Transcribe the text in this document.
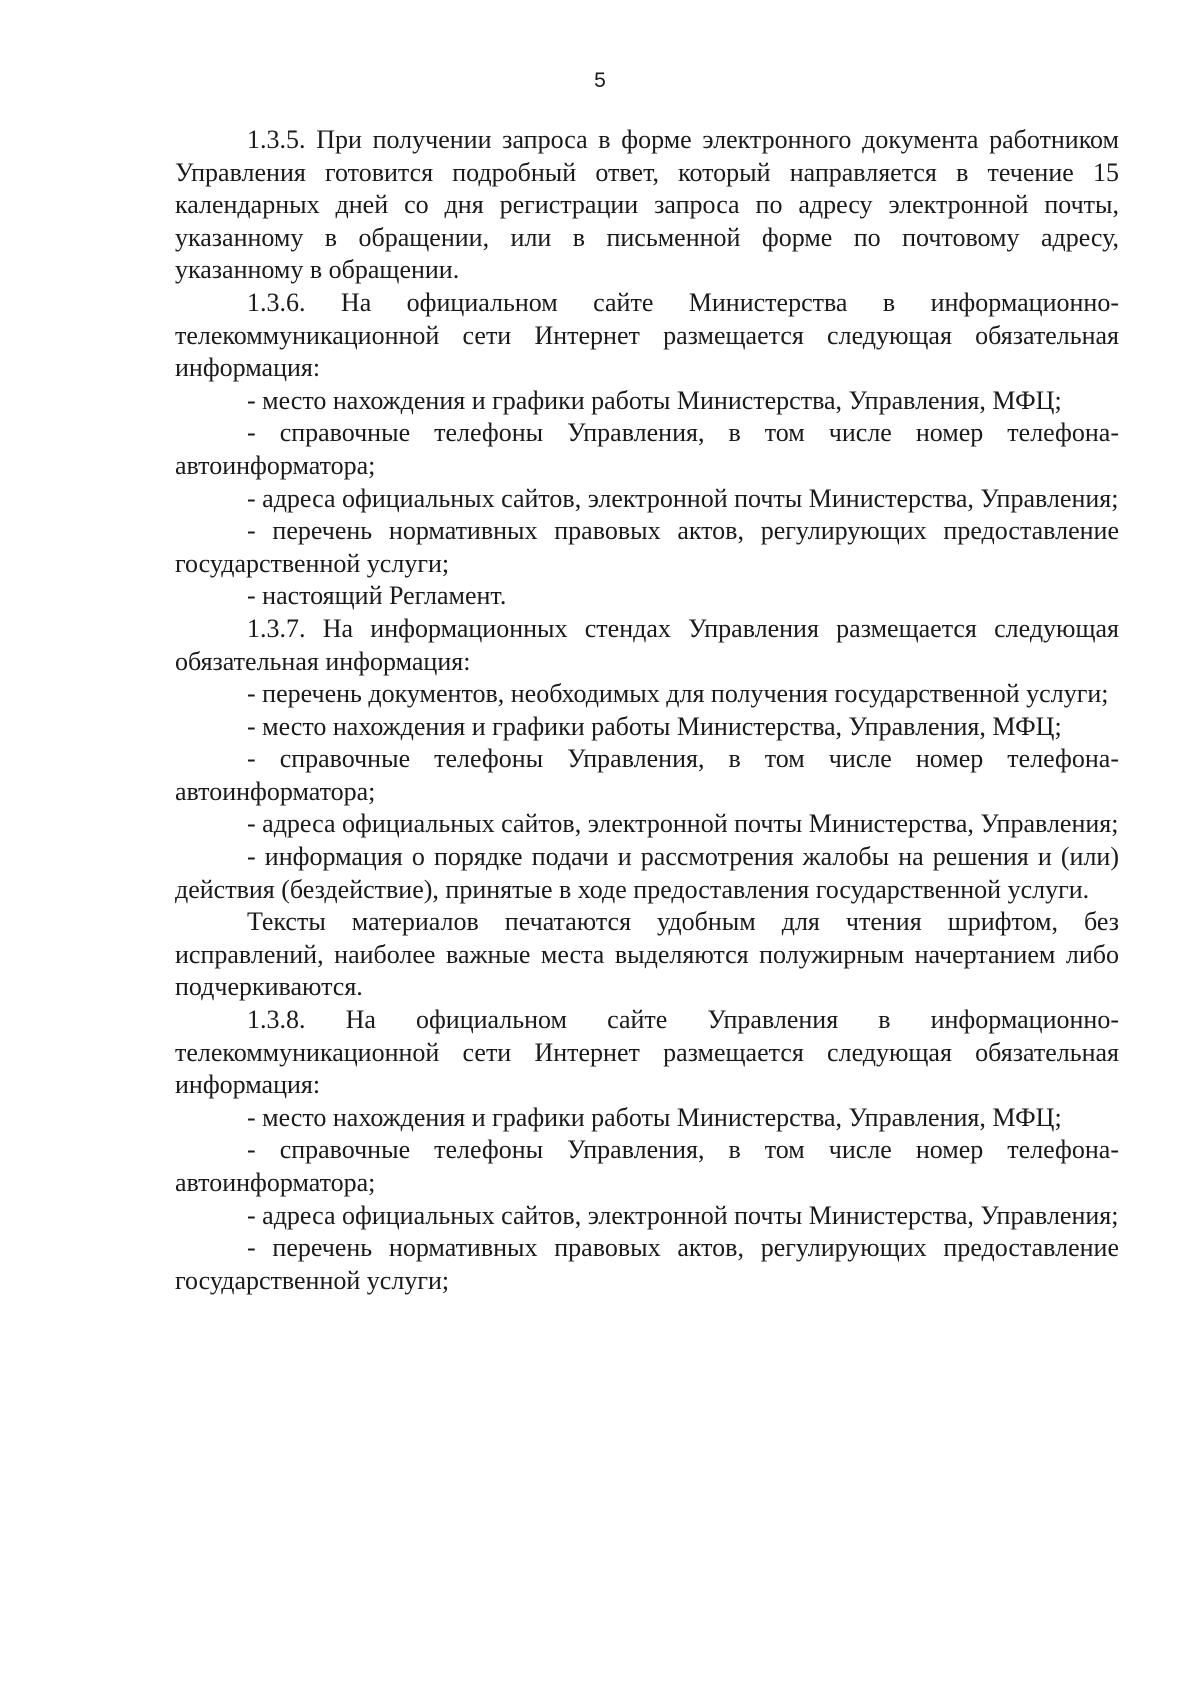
5

1.3.5. При получении запроса в форме электронного документа работником Управления готовится подробный ответ, который направляется в течение 15 календарных дней со дня регистрации запроса по адресу электронной почты, указанному в обращении, или в письменной форме по почтовому адресу, указанному в обращении.

1.3.6. На официальном сайте Министерства в информационно-телекоммуникационной сети Интернет размещается следующая обязательная информация:

- место нахождения и графики работы Министерства, Управления, МФЦ;

- справочные телефоны Управления, в том числе номер телефона-автоинформатора;

- адреса официальных сайтов, электронной почты Министерства, Управления;

- перечень нормативных правовых актов, регулирующих предоставление государственной услуги;

- настоящий Регламент.

1.3.7. На информационных стендах Управления размещается следующая обязательная информация:

- перечень документов, необходимых для получения государственной услуги;

- место нахождения и графики работы Министерства, Управления, МФЦ;

- справочные телефоны Управления, в том числе номер телефона-автоинформатора;

- адреса официальных сайтов, электронной почты Министерства, Управления;

- информация о порядке подачи и рассмотрения жалобы на решения и (или) действия (бездействие), принятые в ходе предоставления государственной услуги.

Тексты материалов печатаются удобным для чтения шрифтом, без исправлений, наиболее важные места выделяются полужирным начертанием либо подчеркиваются.

1.3.8. На официальном сайте Управления в информационно-телекоммуникационной сети Интернет размещается следующая обязательная информация:

- место нахождения и графики работы Министерства, Управления, МФЦ;

- справочные телефоны Управления, в том числе номер телефона-автоинформатора;

- адреса официальных сайтов, электронной почты Министерства, Управления;

- перечень нормативных правовых актов, регулирующих предоставление государственной услуги;
